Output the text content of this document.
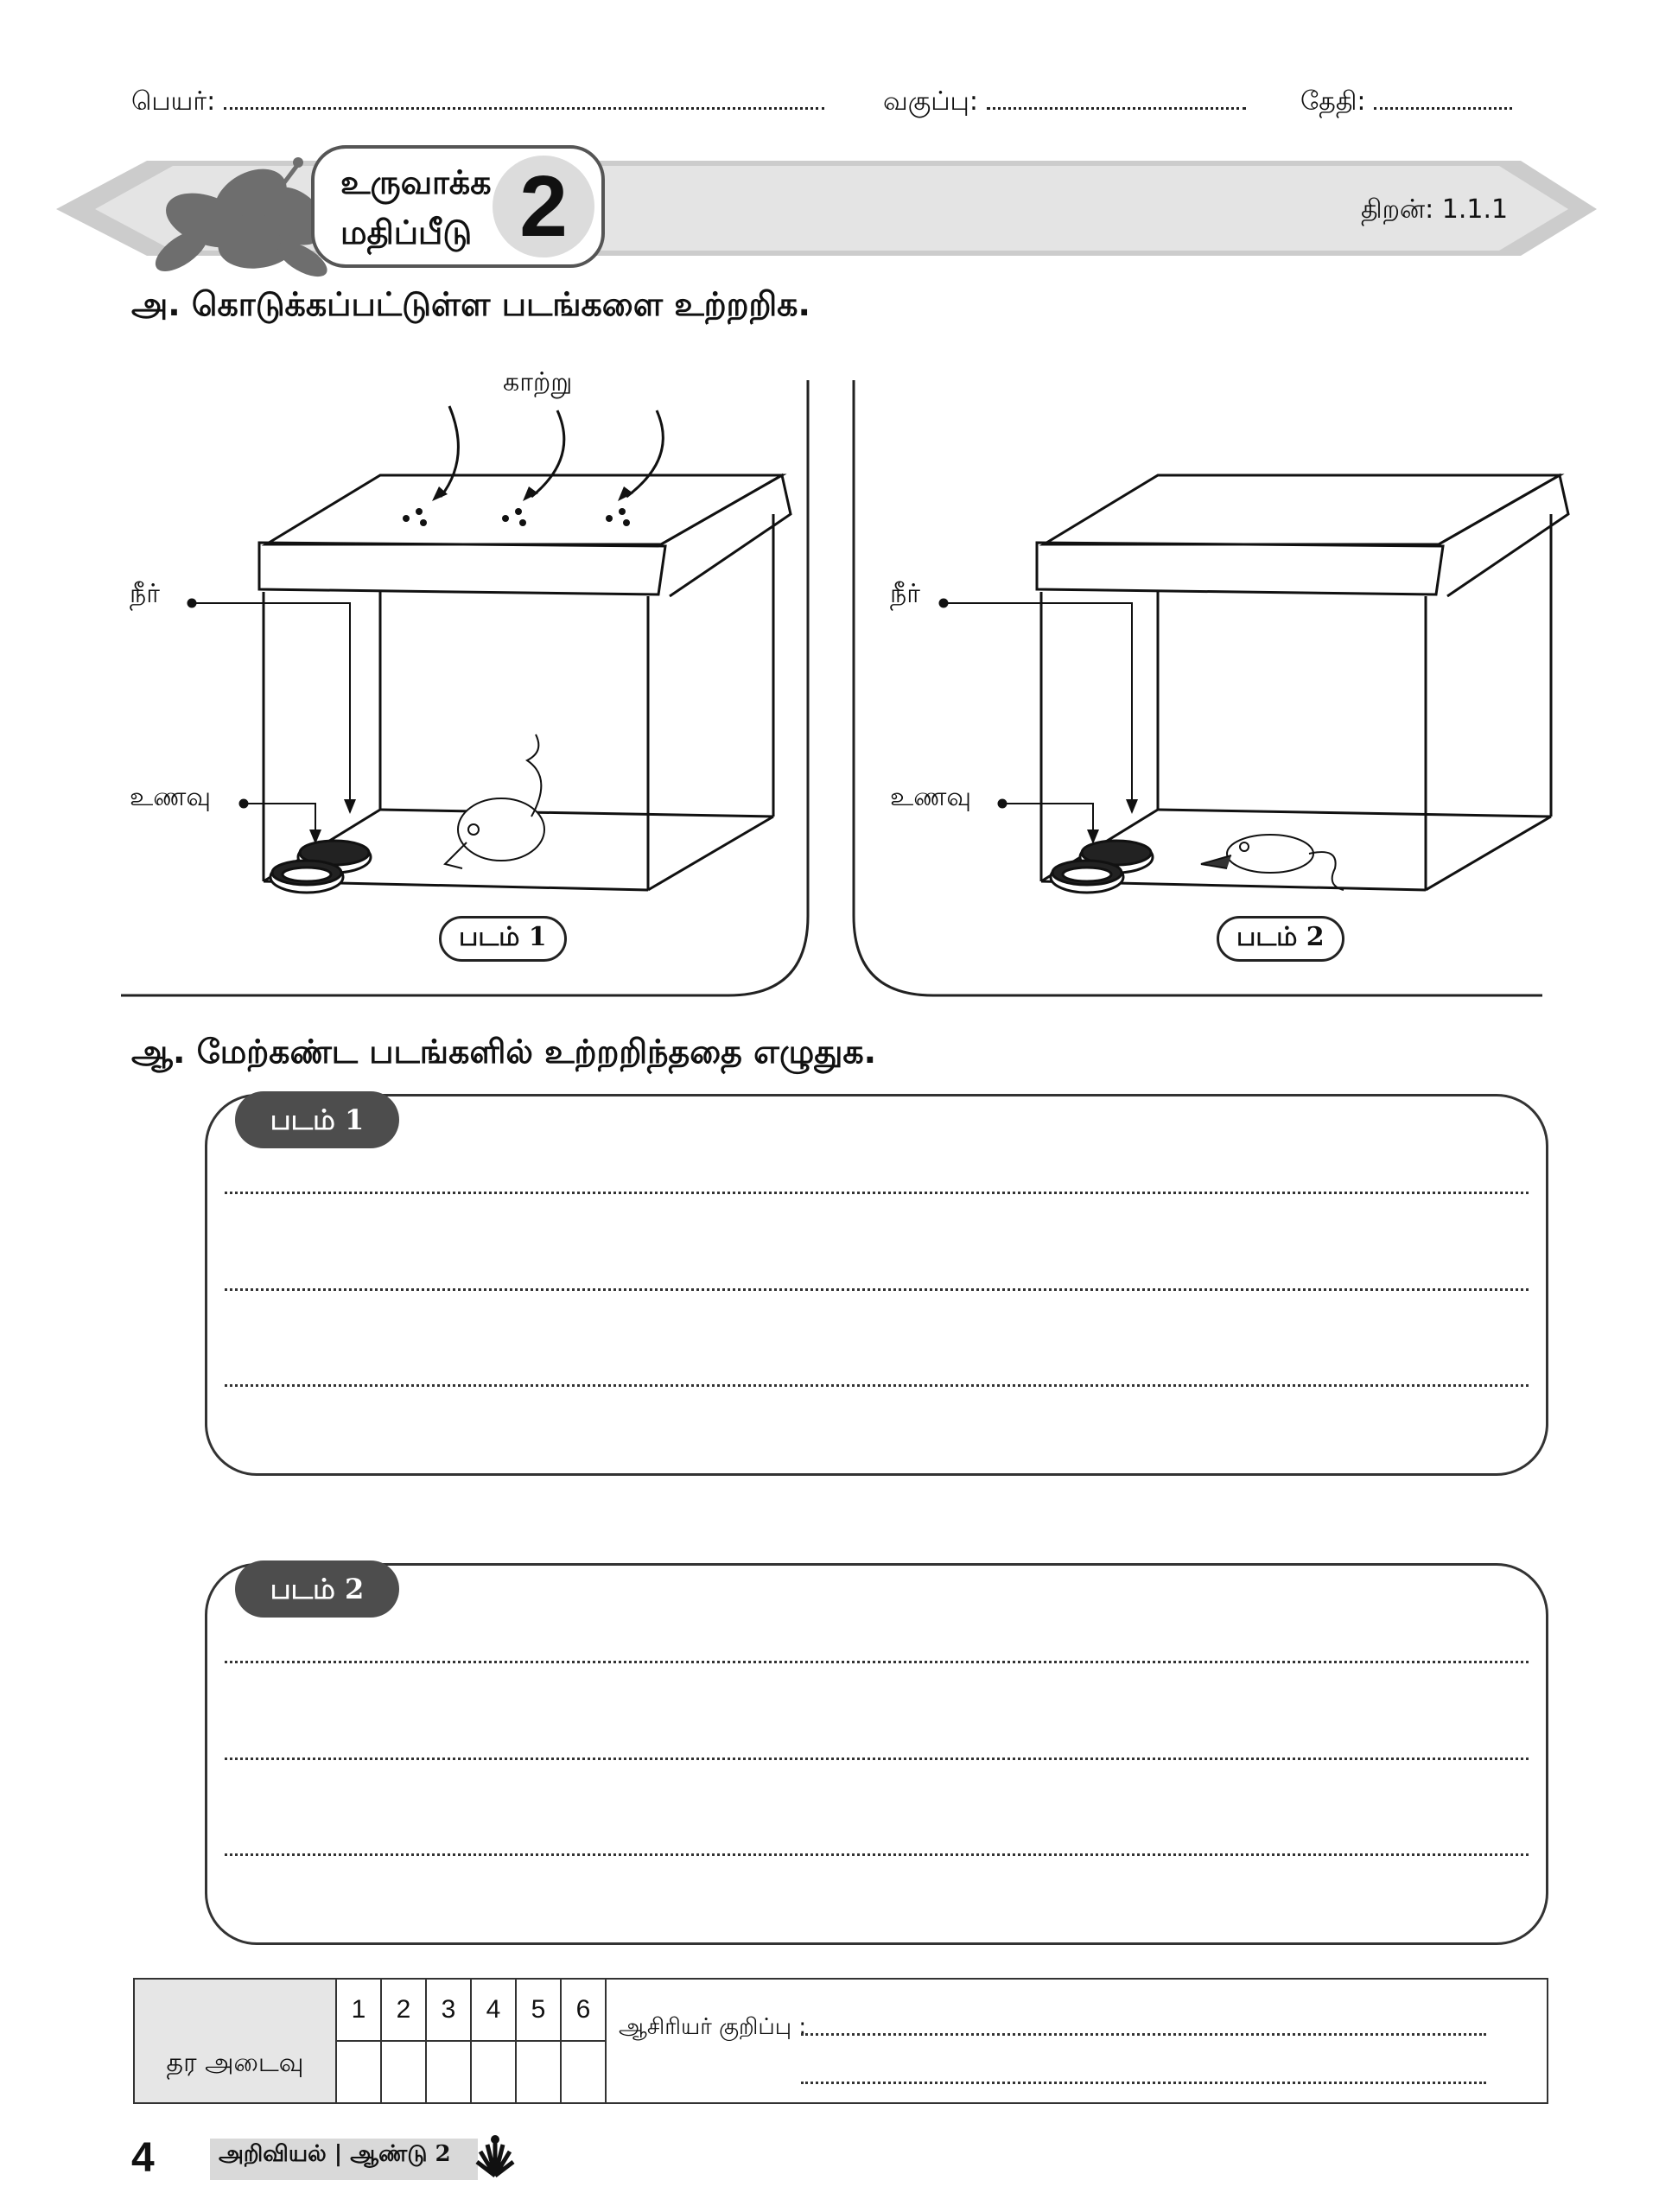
பெயர்:	வகுப்பு:	தேதி:
உருவாக்க
மதிப்பீடு 2	திறன்: 1.1.1
அ. கொடுக்கப்பட்டுள்ள படங்களை உற்றறிக.
காற்று
நீர்
உணவு
படம் 1
நீர்
உணவு
படம் 2
ஆ. மேற்கண்ட படங்களில் உற்றறிந்ததை எழுதுக.
படம் 1
படம் 2
தர அடைவு	1	2	3	4	5	6	ஆசிரியர் குறிப்பு :

4	அறிவியல் | ஆண்டு 2
